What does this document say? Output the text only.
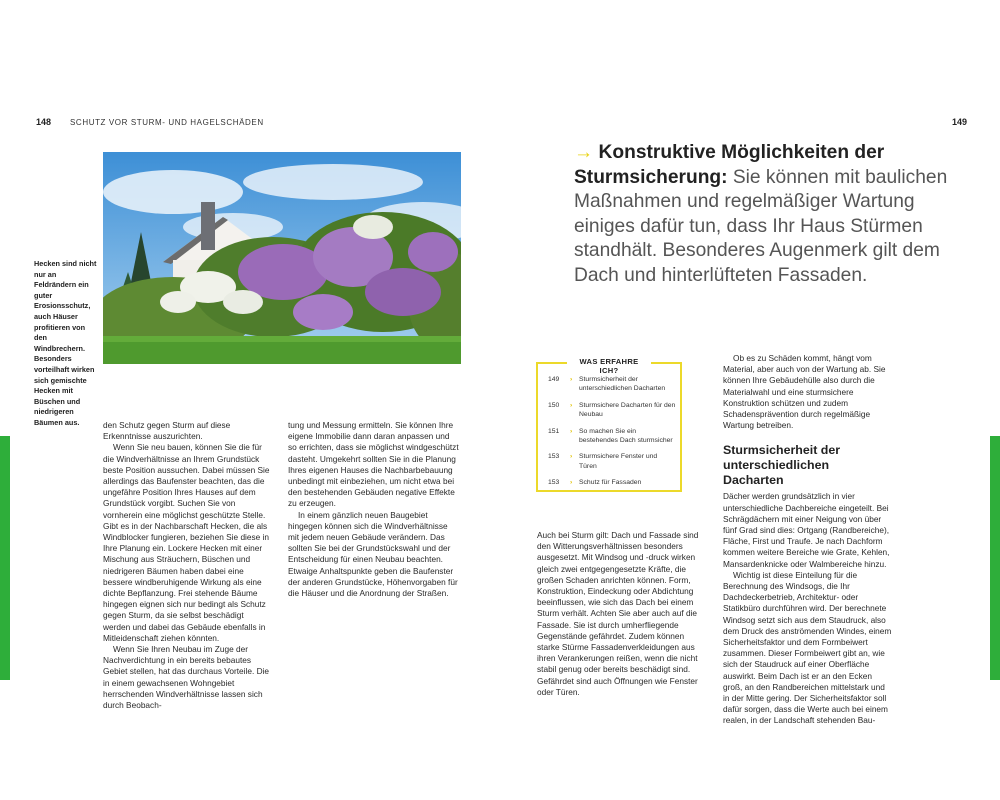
148 SCHUTZ VOR STURM- UND HAGELSCHÄDEN
Hecken sind nicht nur an Feldrändern ein guter Erosionsschutz, auch Häuser profitieren von den Windbrechern. Besonders vorteilhaft wirken sich gemischte Hecken mit Büschen und niedrigeren Bäumen aus.	den Schutz gegen Sturm auf diese Erkenntnisse auszurichten.

Wenn Sie neu bauen, können Sie die für die Windverhältnisse an Ihrem Grundstück beste Position aussuchen. Dabei müssen Sie allerdings das Baufenster beachten, das die ungefähre Position Ihres Hauses auf dem Grundstück vorgibt. Suchen Sie von vornherein eine möglichst geschützte Stelle. Gibt es in der Nachbarschaft Hecken, die als Windblocker fungieren, beziehen Sie diese in Ihre Planung ein. Lockere Hecken mit einer Mischung aus Sträuchern, Büschen und niedrigeren Bäumen haben dabei eine bessere windberuhigende Wirkung als eine dichte Bepflanzung. Frei stehende Bäume hingegen eignen sich nur bedingt als Schutz gegen Sturm, da sie selbst beschädigt werden und dabei das Gebäude ebenfalls in Mitleidenschaft ziehen könnten.

Wenn Sie Ihren Neubau im Zuge der Nachverdichtung in ein bereits bebautes Gebiet stellen, hat das durchaus Vorteile. Die in einem gewachsenen Wohngebiet herrschenden Windverhältnisse lassen sich durch Beobach-

tung und Messung ermitteln. Sie können Ihre eigene Immobilie dann daran anpassen und so errichten, dass sie möglichst windgeschützt dasteht. Umgekehrt sollten Sie in die Planung Ihres eigenen Hauses die Nachbarbebauung unbedingt mit einbeziehen, um nicht etwa bei den bestehenden Gebäuden negative Effekte zu erzeugen.

In einem gänzlich neuen Baugebiet hingegen können sich die Windverhältnisse mit jedem neuen Gebäude verändern. Das sollten Sie bei der Grundstückswahl und der Entscheidung für einen Neubau beachten. Etwaige Anhaltspunkte geben die Baufenster der anderen Grundstücke, Höhenvorgaben für die Häuser und die Anordnung der Straßen.

149
→ Konstruktive Möglichkeiten der Sturmsicherung: Sie können mit baulichen Maßnahmen und regelmäßiger Wartung einiges dafür tun, dass Ihr Haus Stürmen standhält. Besonderes Augenmerk gilt dem Dach und hinterlüfteten Fassaden.
WAS ERFAHRE ICH?
149	› Sturmsicherheit der unterschiedlichen Dacharten
150	› Sturmsichere Dacharten für den Neubau
151	› So machen Sie ein bestehendes Dach sturmsicher
153	› Sturmsichere Fenster und Türen
153	› Schutz für Fassaden

Auch bei Sturm gilt: Dach und Fassade sind den Witterungsverhältnissen besonders ausgesetzt. Mit Windsog und -druck wirken gleich zwei entgegengesetzte Kräfte, die großen Schaden anrichten können. Form, Konstruktion, Eindeckung oder Abdichtung beeinflussen, wie sich das Dach bei einem Sturm verhält. Achten Sie aber auch auf die Fassade. Sie ist durch umherfliegende Gegenstände gefährdet. Zudem können starke Stürme Fassadenverkleidungen aus ihren Verankerungen reißen, wenn die nicht stabil genug oder bereits beschädigt sind. Gefährdet sind auch Öffnungen wie Fenster oder Türen.

Ob es zu Schäden kommt, hängt vom Material, aber auch von der Wartung ab. Sie können Ihre Gebäudehülle also durch die Materialwahl und eine sturmsichere Konstruktion schützen und zudem Schadensprävention durch regelmäßige Wartung betreiben.

Sturmsicherheit der unterschiedlichen Dacharten

Dächer werden grundsätzlich in vier unterschiedliche Dachbereiche eingeteilt. Bei Schrägdächern mit einer Neigung von über fünf Grad sind dies: Ortgang (Randbereiche), Fläche, First und Traufe. Je nach Dachform kommen weitere Bereiche wie Grate, Kehlen, Mansardenknicke oder Walmbereiche hinzu.

Wichtig ist diese Einteilung für die Berechnung des Windsogs, die Ihr Dachdeckerbetrieb, Architektur- oder Statikbüro durchführen wird. Der berechnete Windsog setzt sich aus dem Staudruck, also dem Druck des anströmenden Windes, einem Sicherheitsfaktor und dem Formbeiwert zusammen. Dieser Formbeiwert gibt an, wie sich der Staudruck auf einer Oberfläche auswirkt. Beim Dach ist er an den Ecken groß, an den Randbereichen mittelstark und in der Mitte gering. Der Sicherheitsfaktor soll dafür sorgen, dass die Werte auch bei einem realen, in der Landschaft stehenden Bau-
